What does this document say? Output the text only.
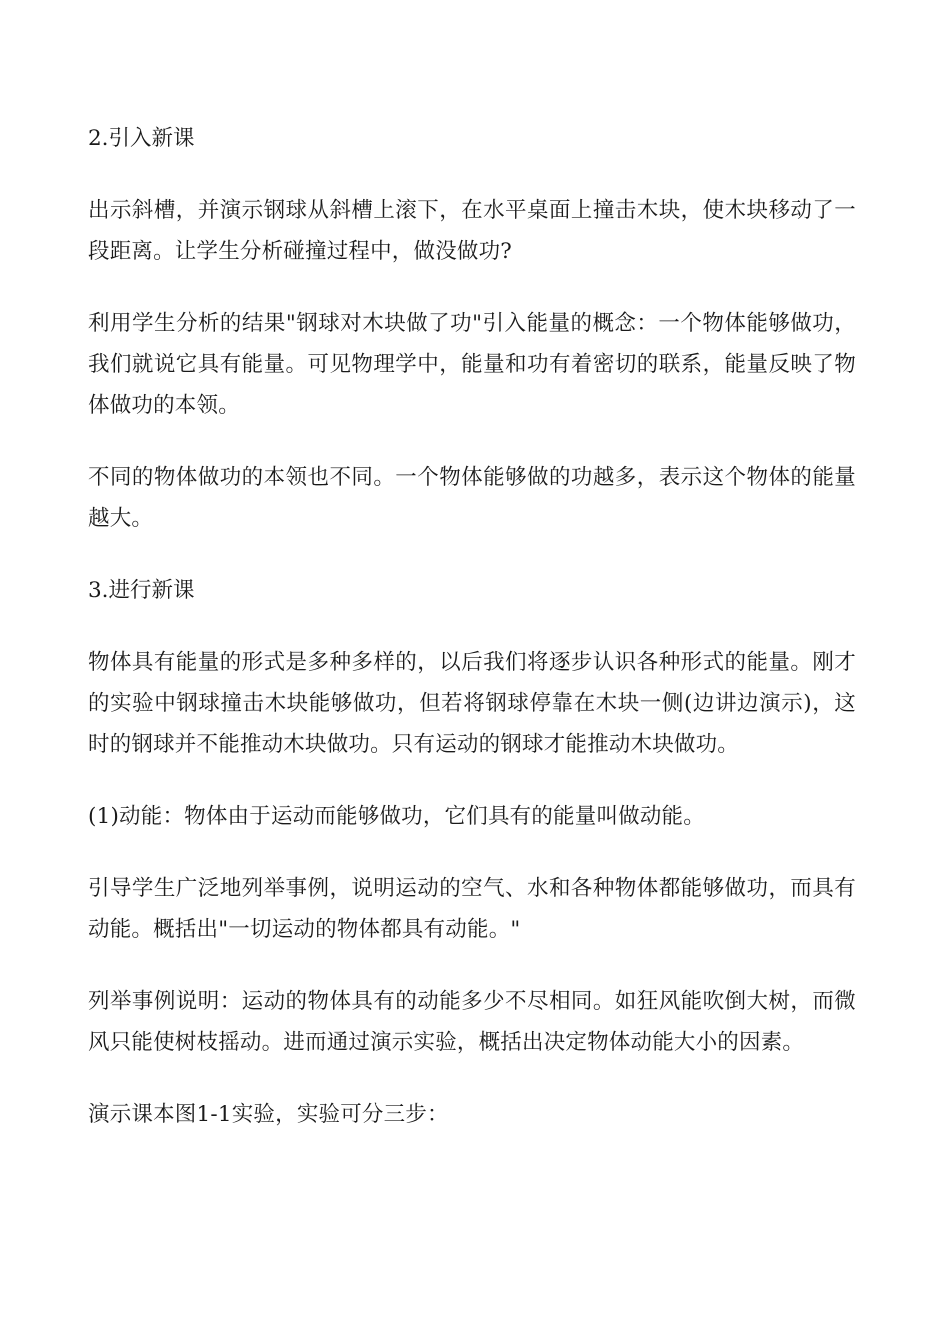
2.引入新课

出示斜槽，并演示钢球从斜槽上滚下，在水平桌面上撞击木块，使木块移动了一段距离。让学生分析碰撞过程中，做没做功?

利用学生分析的结果"钢球对木块做了功"引入能量的概念：一个物体能够做功，我们就说它具有能量。可见物理学中，能量和功有着密切的联系，能量反映了物体做功的本领。

不同的物体做功的本领也不同。一个物体能够做的功越多，表示这个物体的能量越大。

3.进行新课

物体具有能量的形式是多种多样的，以后我们将逐步认识各种形式的能量。刚才的实验中钢球撞击木块能够做功，但若将钢球停靠在木块一侧(边讲边演示)，这时的钢球并不能推动木块做功。只有运动的钢球才能推动木块做功。

(1)动能：物体由于运动而能够做功，它们具有的能量叫做动能。

引导学生广泛地列举事例，说明运动的空气、水和各种物体都能够做功，而具有动能。概括出"一切运动的物体都具有动能。"

列举事例说明：运动的物体具有的动能多少不尽相同。如狂风能吹倒大树，而微风只能使树枝摇动。进而通过演示实验，概括出决定物体动能大小的因素。

演示课本图1-1实验，实验可分三步：
